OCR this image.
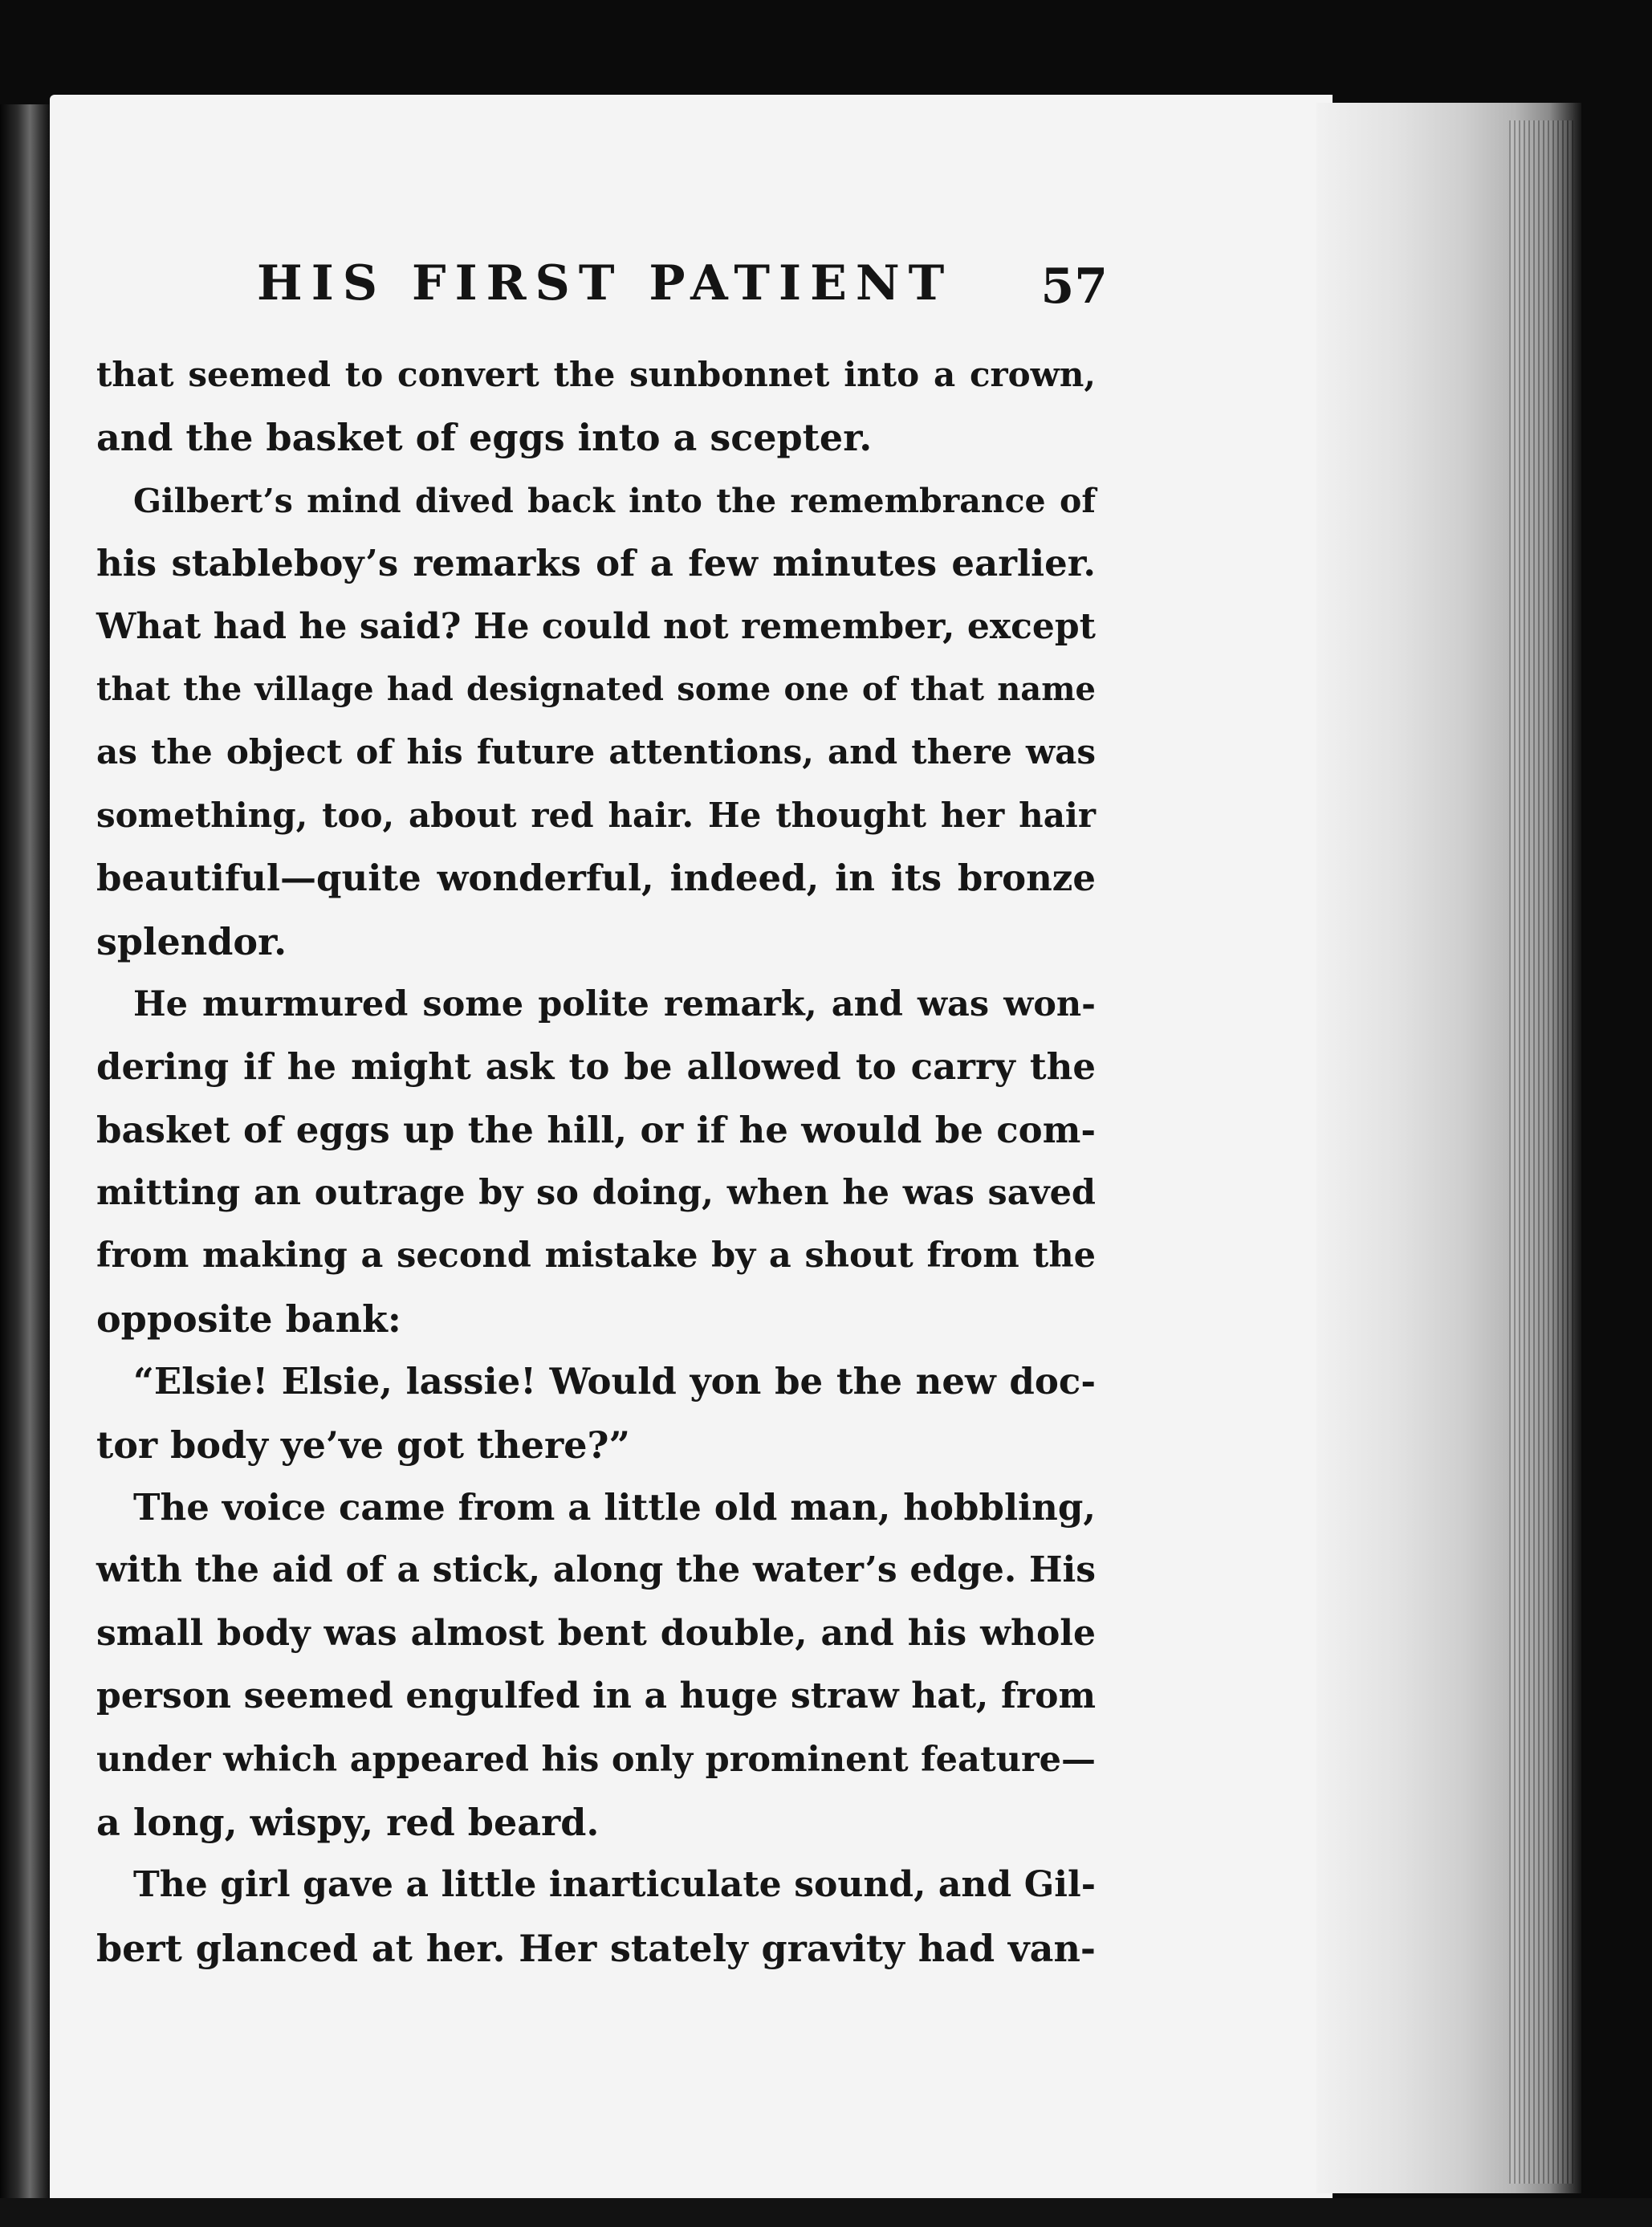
HIS FIRST PATIENT 57
that seemed to convert the sunbonnet into a crown,
and the basket of eggs into a scepter.
Gilbert’s mind dived back into the remembrance of
his stableboy’s remarks of a few minutes earlier.
What had he said? He could not remember, except
that the village had designated some one of that name
as the object of his future attentions, and there was
something, too, about red hair. He thought her hair
beautiful—quite wonderful, indeed, in its bronze
splendor.
He murmured some polite remark, and was won-
dering if he might ask to be allowed to carry the
basket of eggs up the hill, or if he would be com-
mitting an outrage by so doing, when he was saved
from making a second mistake by a shout from the
opposite bank:
“Elsie! Elsie, lassie! Would yon be the new doc-
tor body ye’ve got there?”
The voice came from a little old man, hobbling,
with the aid of a stick, along the water’s edge. His
small body was almost bent double, and his whole
person seemed engulfed in a huge straw hat, from
under which appeared his only prominent feature—
a long, wispy, red beard.
The girl gave a little inarticulate sound, and Gil-
bert glanced at her. Her stately gravity had van-
